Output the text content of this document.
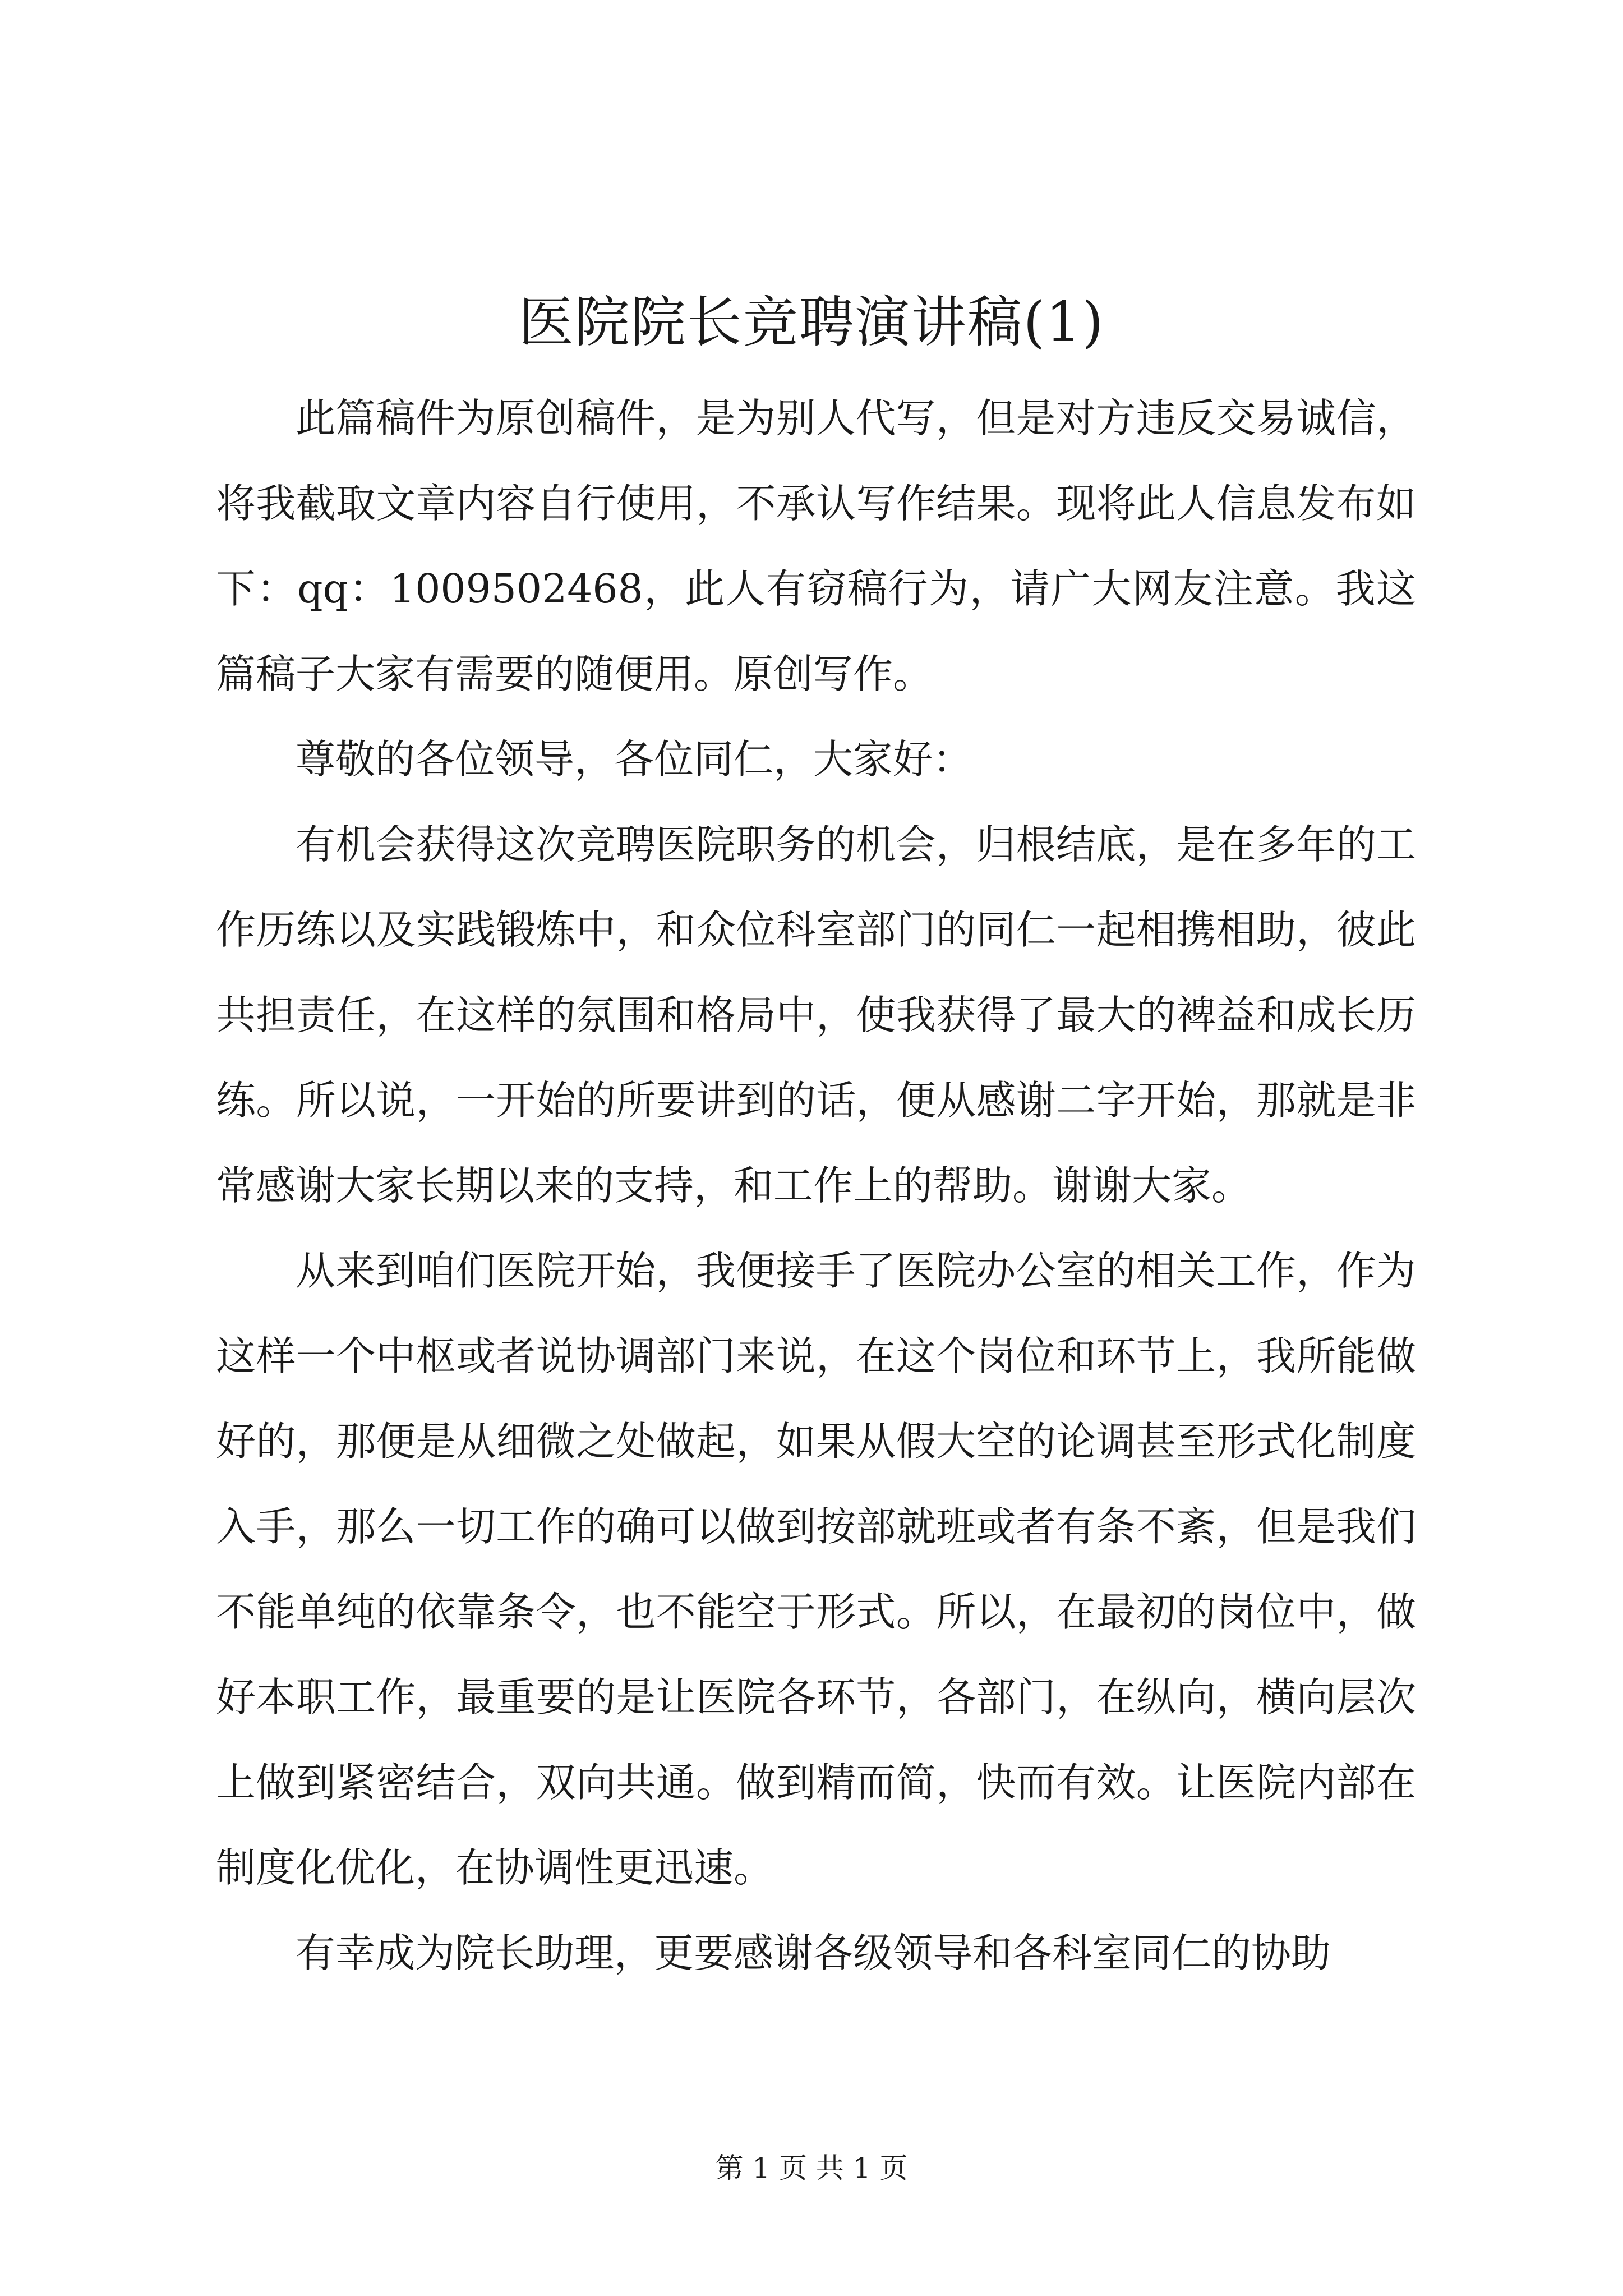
医院院长竞聘演讲稿(1)

此篇稿件为原创稿件，是为别人代写，但是对方违反交易诚信，将我截取文章内容自行使用，不承认写作结果。现将此人信息发布如下：qq：1009502468，此人有窃稿行为，请广大网友注意。我这篇稿子大家有需要的随便用。原创写作。

尊敬的各位领导，各位同仁，大家好：

有机会获得这次竞聘医院职务的机会，归根结底，是在多年的工作历练以及实践锻炼中，和众位科室部门的同仁一起相携相助，彼此共担责任，在这样的氛围和格局中，使我获得了最大的裨益和成长历练。所以说，一开始的所要讲到的话，便从感谢二字开始，那就是非常感谢大家长期以来的支持，和工作上的帮助。谢谢大家。

从来到咱们医院开始，我便接手了医院办公室的相关工作，作为这样一个中枢或者说协调部门来说，在这个岗位和环节上，我所能做好的，那便是从细微之处做起，如果从假大空的论调甚至形式化制度入手，那么一切工作的确可以做到按部就班或者有条不紊，但是我们不能单纯的依靠条令，也不能空于形式。所以，在最初的岗位中，做好本职工作，最重要的是让医院各环节，各部门，在纵向，横向层次上做到紧密结合，双向共通。做到精而简，快而有效。让医院内部在制度化优化，在协调性更迅速。

有幸成为院长助理，更要感谢各级领导和各科室同仁的协助

第 1 页 共 1 页
